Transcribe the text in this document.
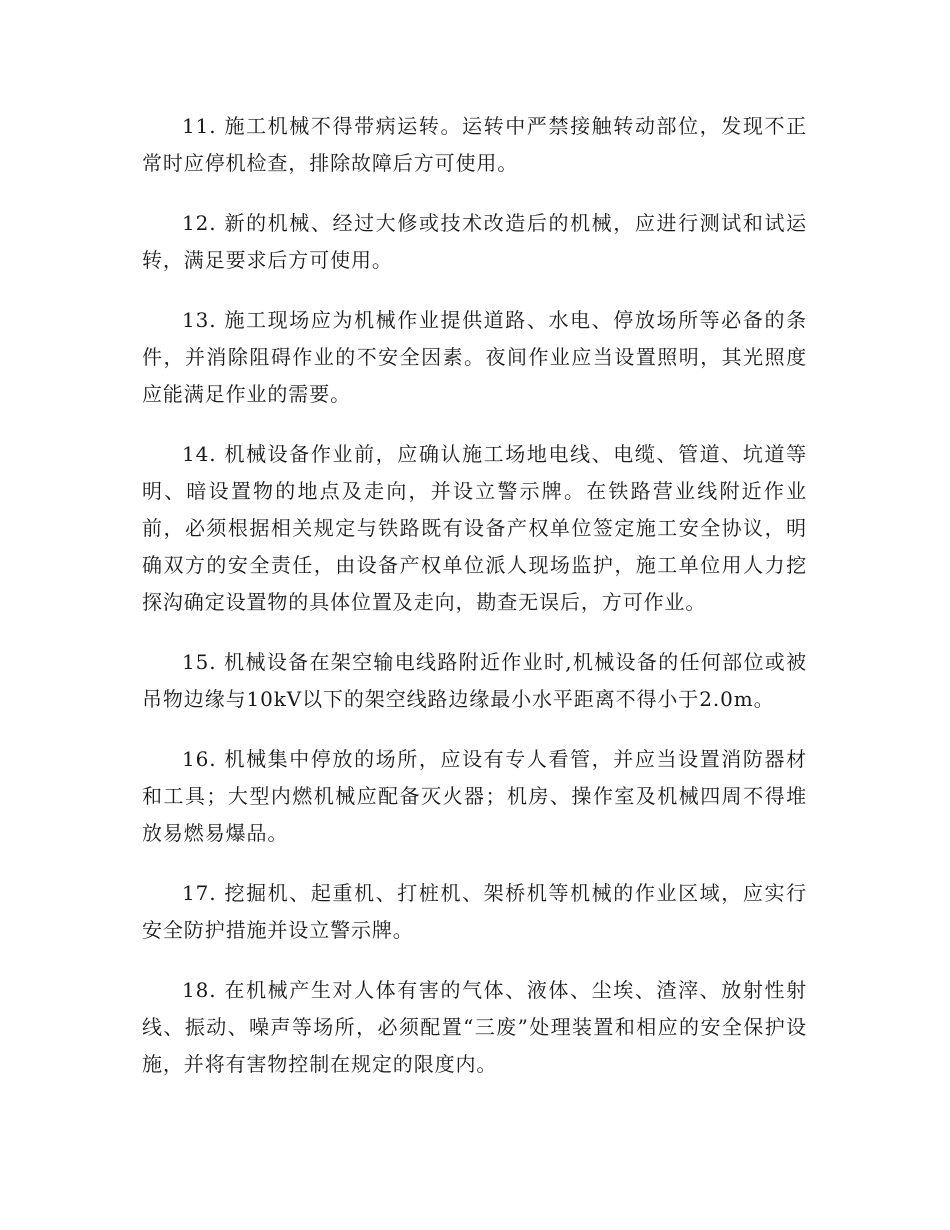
11. 施工机械不得带病运转。运转中严禁接触转动部位，发现不正常时应停机检查，排除故障后方可使用。

12. 新的机械、经过大修或技术改造后的机械，应进行测试和试运转，满足要求后方可使用。

13. 施工现场应为机械作业提供道路、水电、停放场所等必备的条件，并消除阻碍作业的不安全因素。夜间作业应当设置照明，其光照度应能满足作业的需要。

14. 机械设备作业前，应确认施工场地电线、电缆、管道、坑道等明、暗设置物的地点及走向，并设立警示牌。在铁路营业线附近作业前，必须根据相关规定与铁路既有设备产权单位签定施工安全协议，明确双方的安全责任，由设备产权单位派人现场监护，施工单位用人力挖探沟确定设置物的具体位置及走向，勘查无误后，方可作业。

15. 机械设备在架空输电线路附近作业时,机械设备的任何部位或被吊物边缘与10kV以下的架空线路边缘最小水平距离不得小于2.0m。

16. 机械集中停放的场所，应设有专人看管，并应当设置消防器材和工具；大型内燃机械应配备灭火器；机房、操作室及机械四周不得堆放易燃易爆品。

17. 挖掘机、起重机、打桩机、架桥机等机械的作业区域，应实行安全防护措施并设立警示牌。

18. 在机械产生对人体有害的气体、液体、尘埃、渣滓、放射性射线、振动、噪声等场所，必须配置“三废”处理装置和相应的安全保护设施，并将有害物控制在规定的限度内。
